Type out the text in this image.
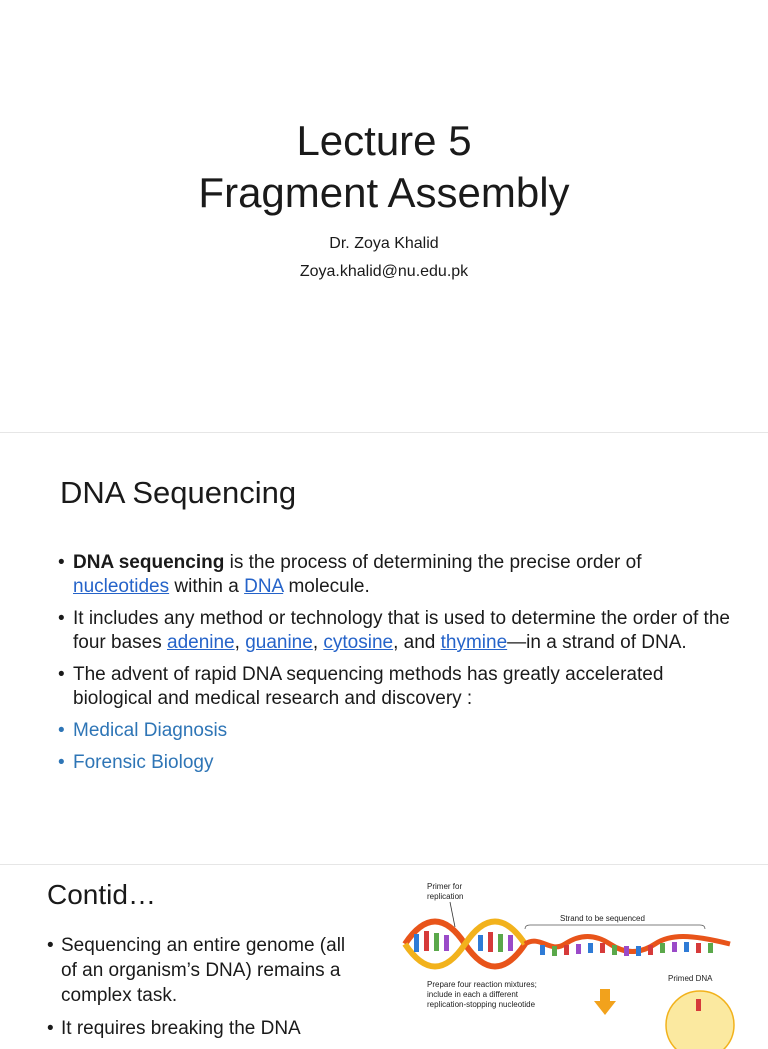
Lecture 5
Fragment Assembly
Dr. Zoya Khalid
Zoya.khalid@nu.edu.pk
DNA Sequencing
• DNA sequencing is the process of determining the precise order of nucleotides within a DNA molecule.
• It includes any method or technology that is used to determine the order of the four bases adenine, guanine, cytosine, and thymine—in a strand of DNA.
• The advent of rapid DNA sequencing methods has greatly accelerated biological and medical research and discovery :
• Medical Diagnosis
• Forensic Biology
Contid…
• Sequencing an entire genome (all of an organism’s DNA) remains a complex task.
• It requires breaking the DNA
Primer for
replication
Strand to be sequenced
Prepare four reaction mixtures;
include in each a different
replication-stopping nucleotide
Primed DNA
